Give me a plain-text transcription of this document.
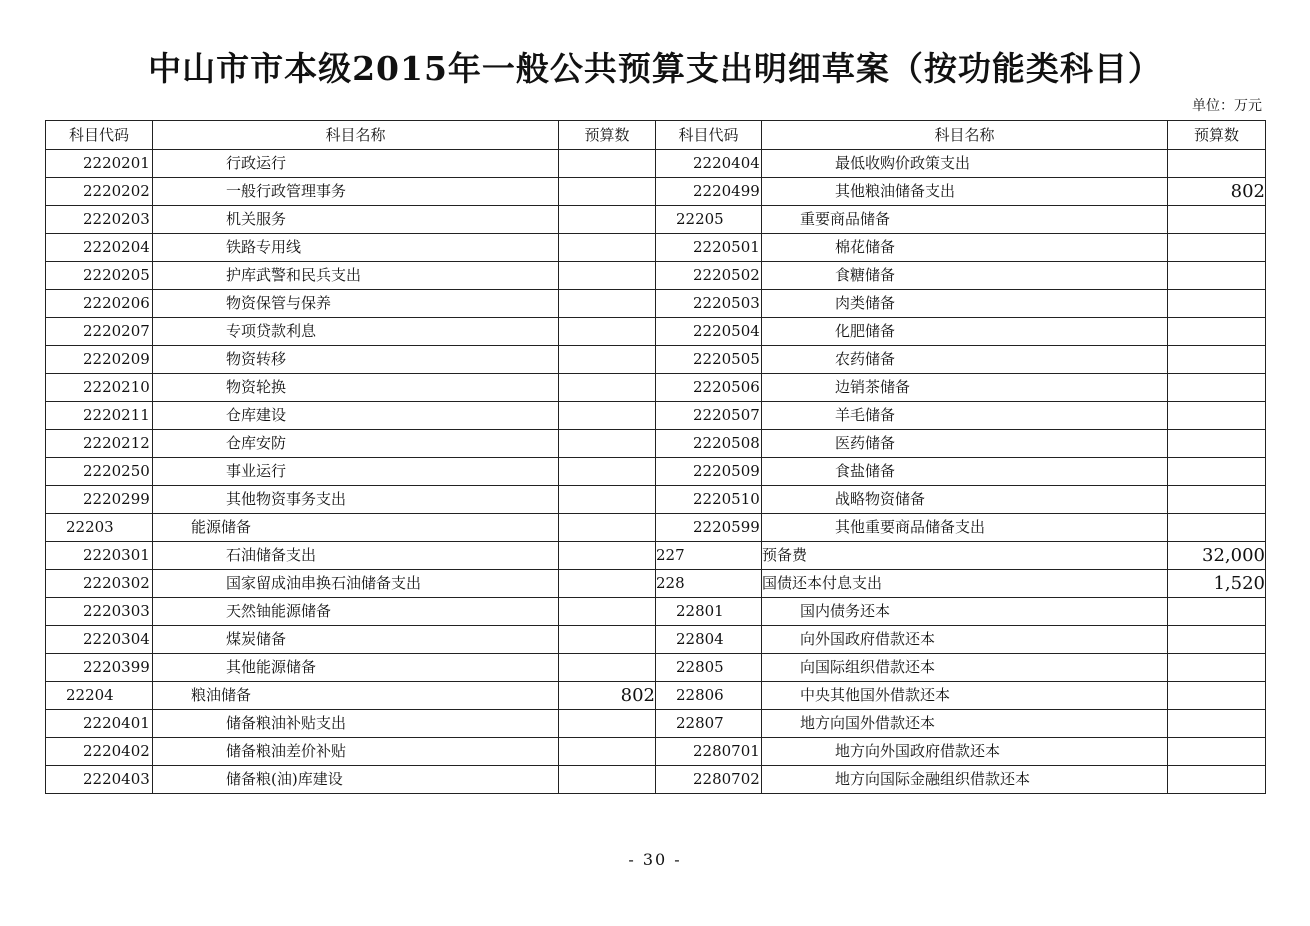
中山市市本级2015年一般公共预算支出明细草案（按功能类科目）
单位：万元
科目代码	科目名称	预算数	科目代码	科目名称	预算数
2220201	行政运行		2220404	最低收购价政策支出	
2220202	一般行政管理事务		2220499	其他粮油储备支出	802
2220203	机关服务		22205	重要商品储备	
2220204	铁路专用线		2220501	棉花储备	
2220205	护库武警和民兵支出		2220502	食糖储备	
2220206	物资保管与保养		2220503	肉类储备	
2220207	专项贷款利息		2220504	化肥储备	
2220209	物资转移		2220505	农药储备	
2220210	物资轮换		2220506	边销茶储备	
2220211	仓库建设		2220507	羊毛储备	
2220212	仓库安防		2220508	医药储备	
2220250	事业运行		2220509	食盐储备	
2220299	其他物资事务支出		2220510	战略物资储备	
22203	能源储备		2220599	其他重要商品储备支出	
2220301	石油储备支出		227	预备费	32,000
2220302	国家留成油串换石油储备支出		228	国债还本付息支出	1,520
2220303	天然铀能源储备		22801	国内债务还本	
2220304	煤炭储备		22804	向外国政府借款还本	
2220399	其他能源储备		22805	向国际组织借款还本	
22204	粮油储备	802	22806	中央其他国外借款还本	
2220401	储备粮油补贴支出		22807	地方向国外借款还本	
2220402	储备粮油差价补贴		2280701	地方向外国政府借款还本	
2220403	储备粮(油)库建设		2280702	地方向国际金融组织借款还本	
- 30 -
